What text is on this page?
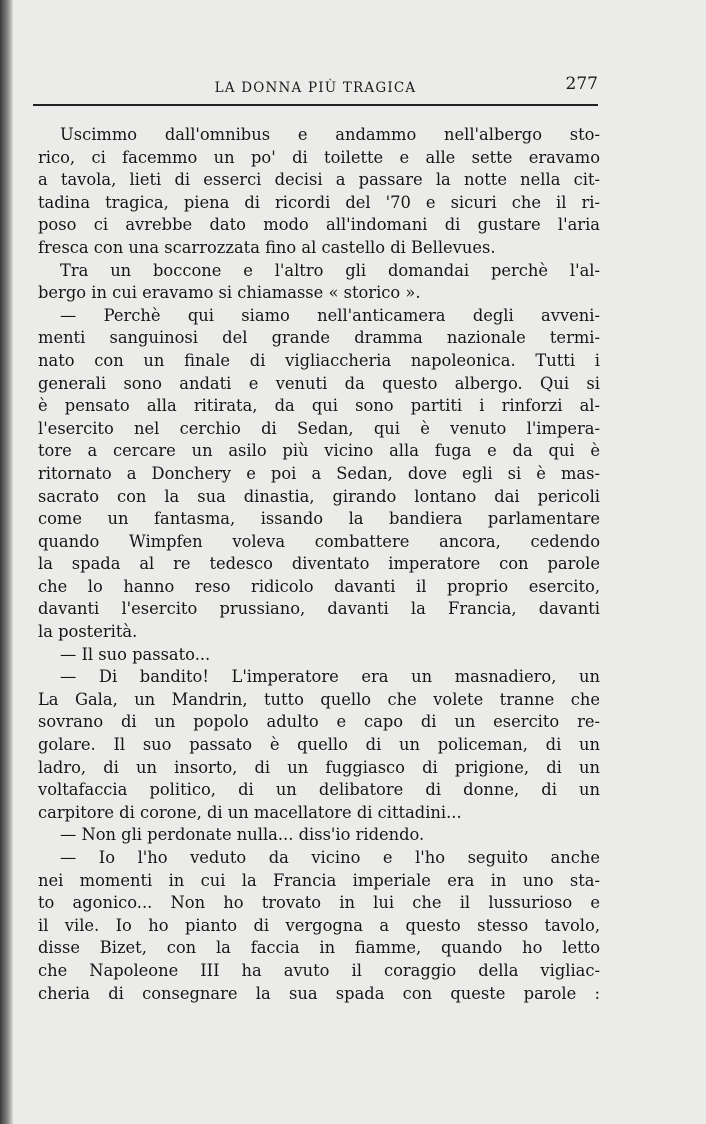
LA DONNA PIÙ TRAGICA	277
Uscimmo dall'omnibus e andammo nell'albergo sto-
rico, ci facemmo un po' di toilette e alle sette eravamo
a tavola, lieti di esserci decisi a passare la notte nella cit-
tadina tragica, piena di ricordi del '70 e sicuri che il ri-
poso ci avrebbe dato modo all'indomani di gustare l'aria
fresca con una scarrozzata fino al castello di Bellevues.
Tra un boccone e l'altro gli domandai perchè l'al-
bergo in cui eravamo si chiamasse « storico ».
— Perchè qui siamo nell'anticamera degli avveni-
menti sanguinosi del grande dramma nazionale termi-
nato con un finale di vigliaccheria napoleonica. Tutti i
generali sono andati e venuti da questo albergo. Qui si
è pensato alla ritirata, da qui sono partiti i rinforzi al-
l'esercito nel cerchio di Sedan, qui è venuto l'impera-
tore a cercare un asilo più vicino alla fuga e da qui è
ritornato a Donchery e poi a Sedan, dove egli si è mas-
sacrato con la sua dinastia, girando lontano dai pericoli
come un fantasma, issando la bandiera parlamentare
quando Wimpfen voleva combattere ancora, cedendo
la spada al re tedesco diventato imperatore con parole
che lo hanno reso ridicolo davanti il proprio esercito,
davanti l'esercito prussiano, davanti la Francia, davanti
la posterità.
— Il suo passato...
— Di bandito! L'imperatore era un masnadiero, un
La Gala, un Mandrin, tutto quello che volete tranne che
sovrano di un popolo adulto e capo di un esercito re-
golare. Il suo passato è quello di un policeman, di un
ladro, di un insorto, di un fuggiasco di prigione, di un
voltafaccia politico, di un delibatore di donne, di un
carpitore di corone, di un macellatore di cittadini...
— Non gli perdonate nulla... diss'io ridendo.
— Io l'ho veduto da vicino e l'ho seguito anche
nei momenti in cui la Francia imperiale era in uno sta-
to agonico... Non ho trovato in lui che il lussurioso e
il vile. Io ho pianto di vergogna a questo stesso tavolo,
disse Bizet, con la faccia in fiamme, quando ho letto
che Napoleone III ha avuto il coraggio della vigliac-
cheria di consegnare la sua spada con queste parole :
